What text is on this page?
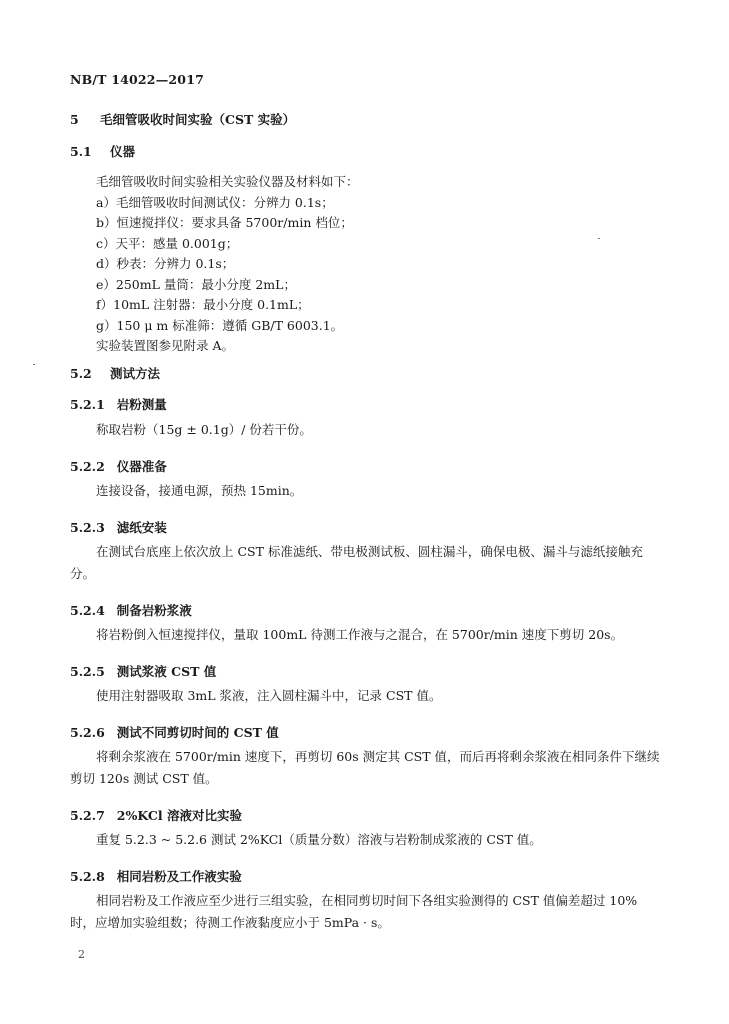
NB/T 14022—2017
5 毛细管吸收时间实验（CST 实验）
5.1 仪器
毛细管吸收时间实验相关实验仪器及材料如下：
a）毛细管吸收时间测试仪：分辨力 0.1s；
b）恒速搅拌仪：要求具备 5700r/min 档位；
c）天平：感量 0.001g；
d）秒表：分辨力 0.1s；
e）250mL 量筒：最小分度 2mL；
f）10mL 注射器：最小分度 0.1mL；
g）150 μ m 标准筛：遵循 GB/T 6003.1。
实验装置图参见附录 A。
5.2 测试方法
5.2.1 岩粉测量
称取岩粉（15g ± 0.1g）/ 份若干份。
5.2.2 仪器准备
连接设备，接通电源，预热 15min。
5.2.3 滤纸安装
在测试台底座上依次放上 CST 标准滤纸、带电极测试板、圆柱漏斗，确保电极、漏斗与滤纸接触充分。
5.2.4 制备岩粉浆液
将岩粉倒入恒速搅拌仪，量取 100mL 待测工作液与之混合，在 5700r/min 速度下剪切 20s。
5.2.5 测试浆液 CST 值
使用注射器吸取 3mL 浆液，注入圆柱漏斗中，记录 CST 值。
5.2.6 测试不同剪切时间的 CST 值
将剩余浆液在 5700r/min 速度下，再剪切 60s 测定其 CST 值，而后再将剩余浆液在相同条件下继续剪切 120s 测试 CST 值。
5.2.7 2%KCl 溶液对比实验
重复 5.2.3 ~ 5.2.6 测试 2%KCl（质量分数）溶液与岩粉制成浆液的 CST 值。
5.2.8 相同岩粉及工作液实验
相同岩粉及工作液应至少进行三组实验，在相同剪切时间下各组实验测得的 CST 值偏差超过 10% 时，应增加实验组数；待测工作液黏度应小于 5mPa · s。
2
